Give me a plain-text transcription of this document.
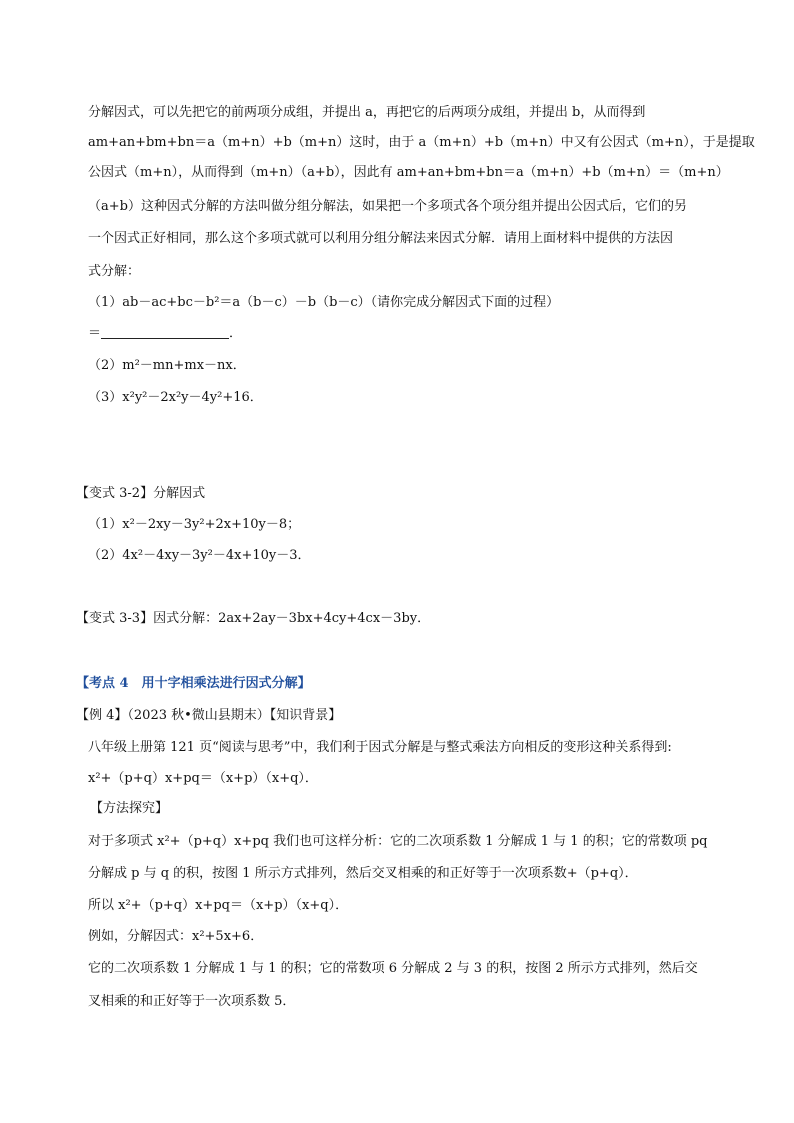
分解因式，可以先把它的前两项分成组，并提出 a，再把它的后两项分成组，并提出 b，从而得到
am+an+bm+bn＝a（m+n）+b（m+n）这时，由于 a（m+n）+b（m+n）中又有公因式（m+n），于是提取
公因式（m+n），从而得到（m+n）（a+b），因此有 am+an+bm+bn＝a（m+n）+b（m+n）＝（m+n）
（a+b）这种因式分解的方法叫做分组分解法，如果把一个多项式各个项分组并提出公因式后，它们的另
一个因式正好相同，那么这个多项式就可以利用分组分解法来因式分解．请用上面材料中提供的方法因
式分解：
（1）ab－ac+bc－b²＝a（b－c）－b（b－c）（请你完成分解因式下面的过程）
＝	．
（2）m²－mn+mx－nx．
（3）x²y²－2x²y－4y²+16．
【变式 3-2】分解因式
（1）x²－2xy－3y²+2x+10y－8；
（2）4x²－4xy－3y²－4x+10y－3．
【变式 3-3】因式分解：2ax+2ay－3bx+4cy+4cx－3by．
【考点 4　用十字相乘法进行因式分解】
【例 4】（2023 秋•微山县期末）【知识背景】
八年级上册第 121 页“阅读与思考”中，我们利于因式分解是与整式乘法方向相反的变形这种关系得到:
x²+（p+q）x+pq＝（x+p）（x+q）．
【方法探究】
对于多项式 x²+（p+q）x+pq 我们也可这样分析：它的二次项系数 1 分解成 1 与 1 的积；它的常数项 pq
分解成 p 与 q 的积，按图 1 所示方式排列，然后交叉相乘的和正好等于一次项系数+（p+q）．
所以 x²+（p+q）x+pq＝（x+p）（x+q）．
例如，分解因式：x²+5x+6．
它的二次项系数 1 分解成 1 与 1 的积；它的常数项 6 分解成 2 与 3 的积，按图 2 所示方式排列，然后交
叉相乘的和正好等于一次项系数 5．
